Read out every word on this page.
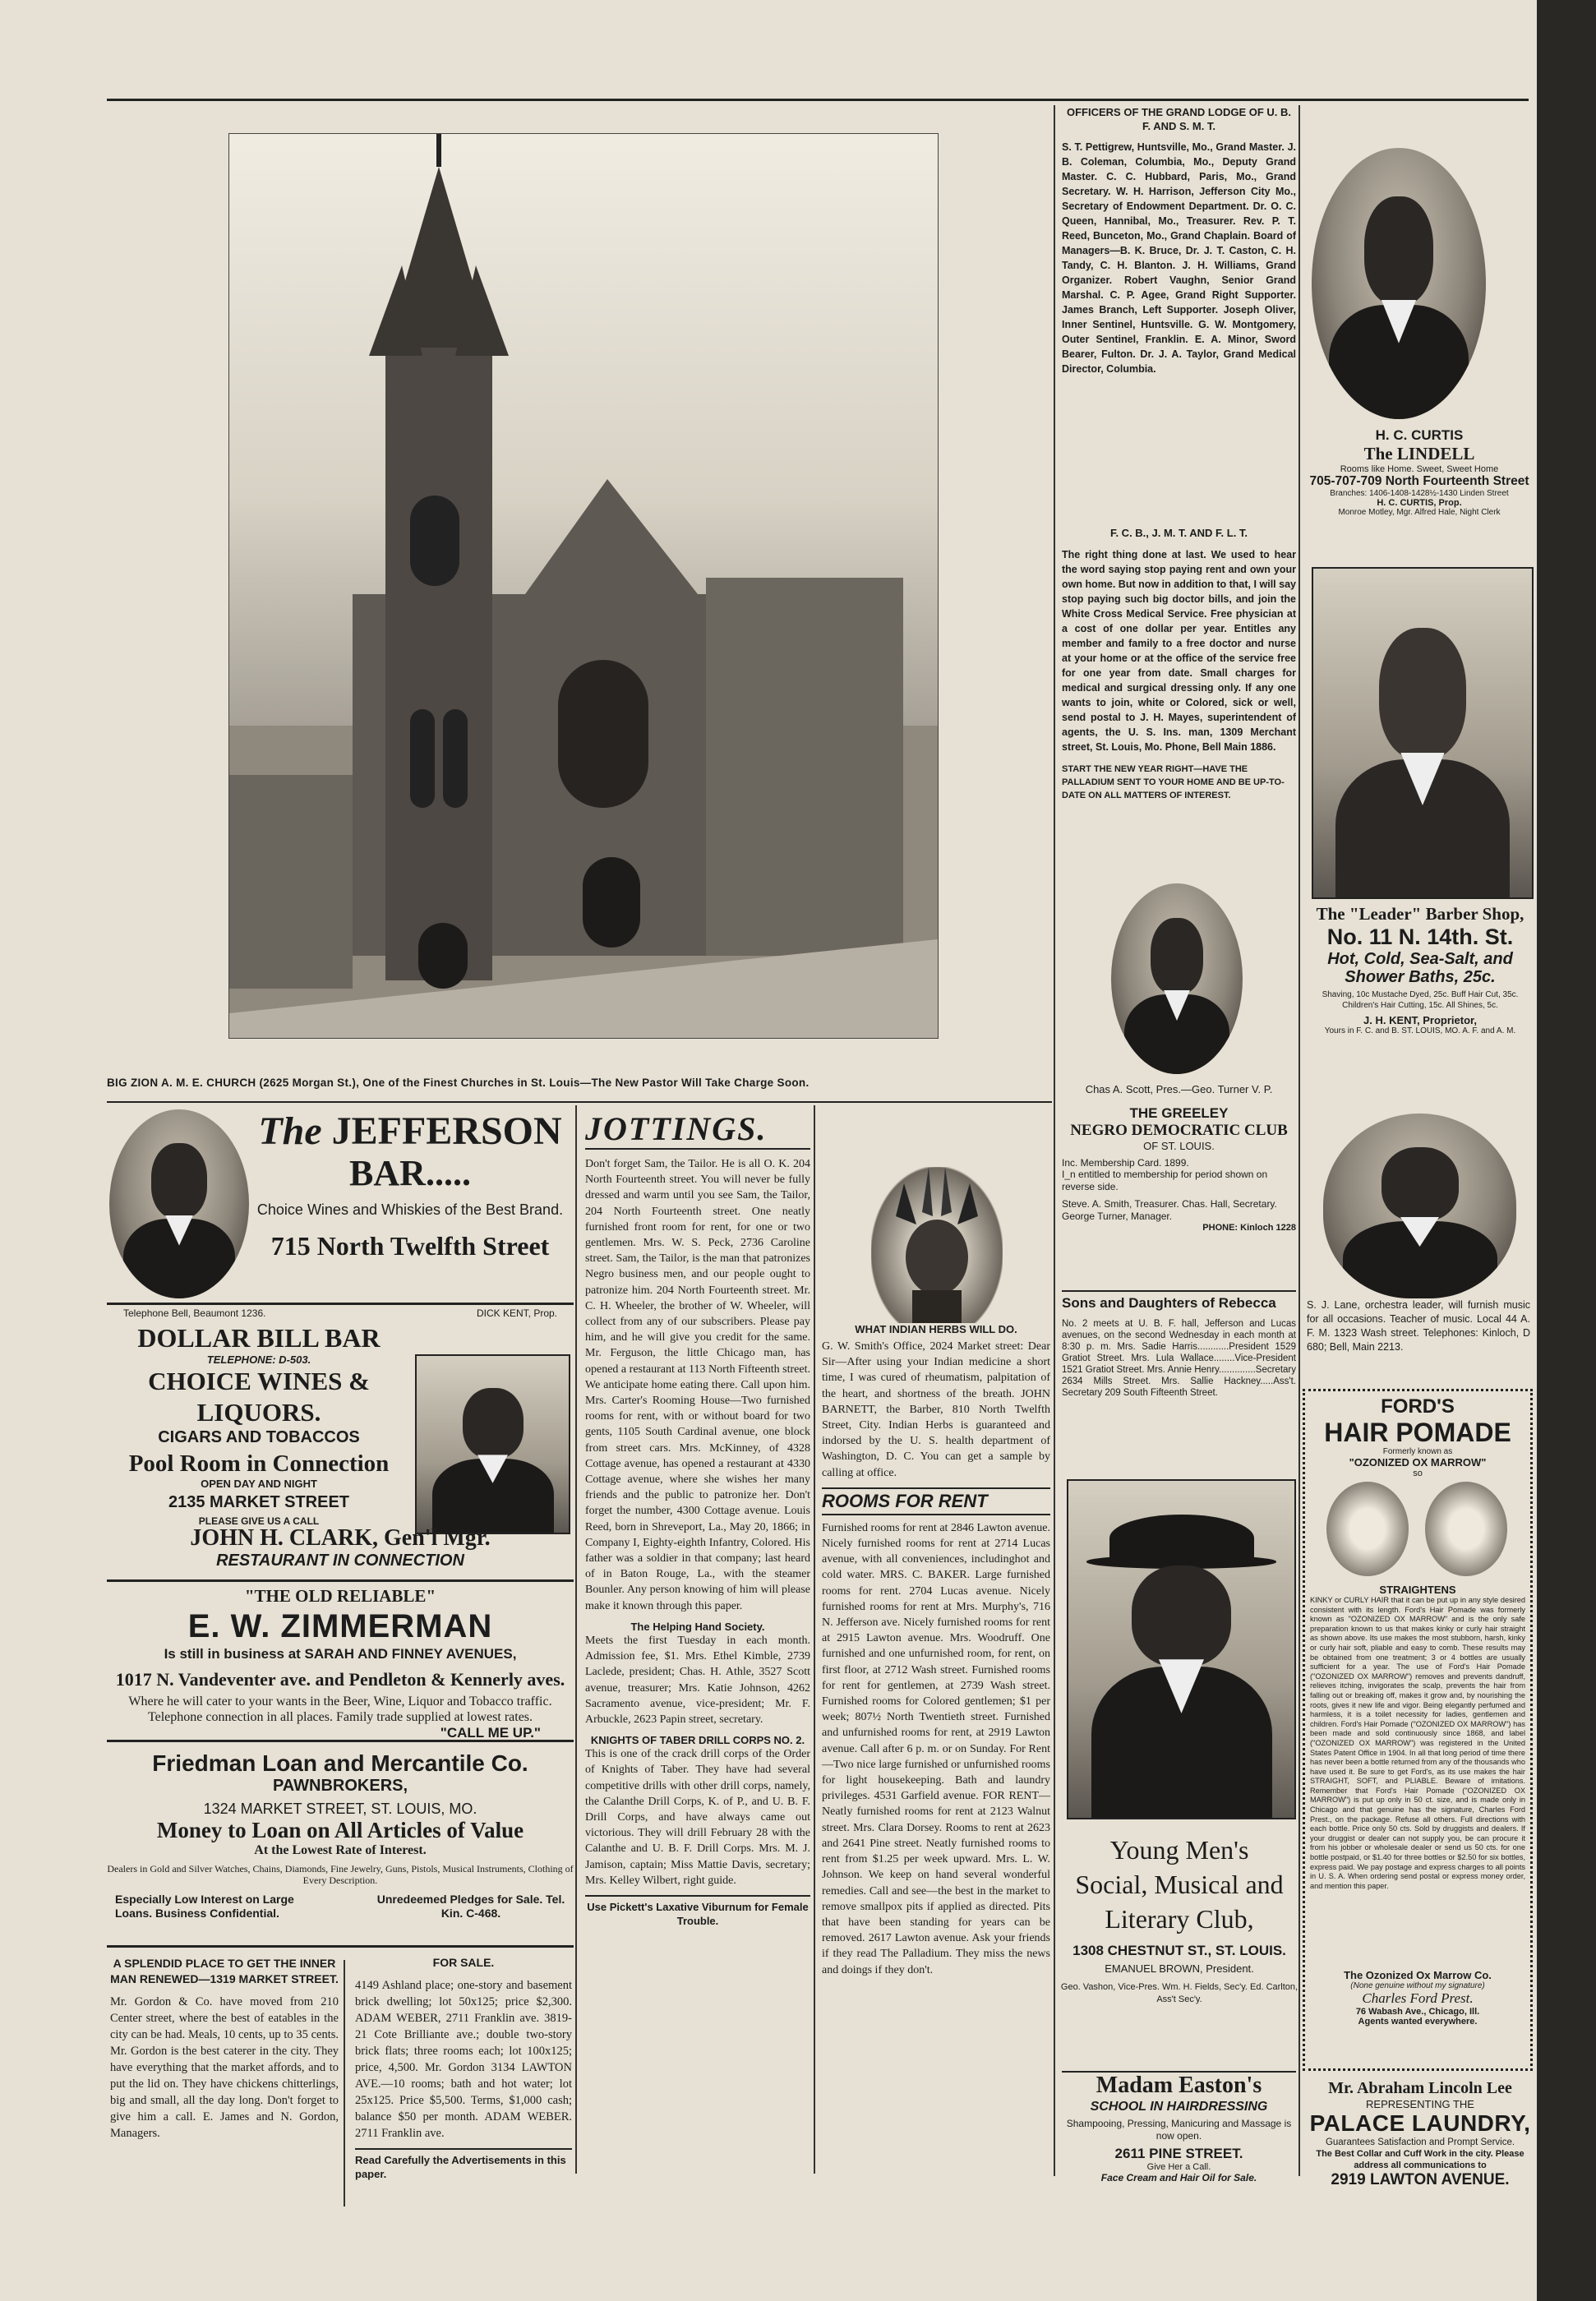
BIG ZION A. M. E. CHURCH (2625 Morgan St.), One of the Finest Churches in St. Louis—The New Pastor Will Take Charge Soon.
OFFICERS OF THE GRAND LODGE OF U. B. F. AND S. M. T.
S. T. Pettigrew, Huntsville, Mo., Grand Master. J. B. Coleman, Columbia, Mo., Deputy Grand Master. C. C. Hubbard, Paris, Mo., Grand Secretary. W. H. Harrison, Jefferson City Mo., Secretary of Endowment Department. Dr. O. C. Queen, Hannibal, Mo., Treasurer. Rev. P. T. Reed, Bunceton, Mo., Grand Chaplain. Board of Managers—B. K. Bruce, Dr. J. T. Caston, C. H. Tandy, C. H. Blanton. J. H. Williams, Grand Organizer. Robert Vaughn, Senior Grand Marshal. C. P. Agee, Grand Right Supporter. James Branch, Left Supporter. Joseph Oliver, Inner Sentinel, Huntsville. G. W. Montgomery, Outer Sentinel, Franklin. E. A. Minor, Sword Bearer, Fulton. Dr. J. A. Taylor, Grand Medical Director, Columbia.
F. C. B., J. M. T. AND F. L. T.
The right thing done at last. We used to hear the word saying stop paying rent and own your own home. But now in addition to that, I will say stop paying such big doctor bills, and join the White Cross Medical Service. Free physician at a cost of one dollar per year. Entitles any member and family to a free doctor and nurse at your home or at the office of the service free for one year from date. Small charges for medical and surgical dressing only. If any one wants to join, white or Colored, sick or well, send postal to J. H. Mayes, superintendent of agents, the U. S. Ins. man, 1309 Merchant street, St. Louis, Mo. Phone, Bell Main 1886.
START THE NEW YEAR RIGHT—HAVE THE PALLADIUM SENT TO YOUR HOME AND BE UP-TO-DATE ON ALL MATTERS OF INTEREST.
H. C. CURTIS
The LINDELL
Rooms like Home. Sweet, Sweet Home
705-707-709 North Fourteenth Street
Branches: 1406-1408-1428½-1430 Linden Street
H. C. CURTIS, Prop.
Monroe Motley, Mgr. Alfred Hale, Night Clerk
The "Leader" Barber Shop,
No. 11 N. 14th. St.
Hot, Cold, Sea-Salt, and Shower Baths, 25c.
Shaving, 10c Mustache Dyed, 25c. Buff Hair Cut, 35c. Children's Hair Cutting, 15c. All Shines, 5c.
J. H. KENT, Proprietor,
Yours in F. C. and B. ST. LOUIS, MO. A. F. and A. M.
Chas A. Scott, Pres.—Geo. Turner V. P.
THE GREELEY
NEGRO DEMOCRATIC CLUB
OF ST. LOUIS.
Inc. Membership Card. 1899.
I_n entitled to membership for period shown on reverse side.
Steve. A. Smith, Treasurer. Chas. Hall, Secretary. George Turner, Manager.
PHONE: Kinloch 1228
S. J. Lane, orchestra leader, will furnish music for all occasions. Teacher of music. Local 44 A. F. M. 1323 Wash street. Telephones: Kinloch, D 680; Bell, Main 2213.
Sons and Daughters of Rebecca
No. 2 meets at U. B. F. hall, Jefferson and Lucas avenues, on the second Wednesday in each month at 8:30 p. m. Mrs. Sadie Harris............President 1529 Gratiot Street. Mrs. Lula Wallace........Vice-President 1521 Gratiot Street. Mrs. Annie Henry..............Secretary 2634 Mills Street. Mrs. Sallie Hackney.....Ass't. Secretary 209 South Fifteenth Street.
Young Men's
Social, Musical and
Literary Club,
1308 CHESTNUT ST., ST. LOUIS.
EMANUEL BROWN, President.
Geo. Vashon, Vice-Pres. Wm. H. Fields, Sec'y. Ed. Carlton, Ass't Sec'y.
Madam Easton's
SCHOOL IN HAIRDRESSING
Shampooing, Pressing, Manicuring and Massage is now open.
2611 PINE STREET.
Give Her a Call.
Face Cream and Hair Oil for Sale.
FORD'S
HAIR POMADE
Formerly known as
"OZONIZED OX MARROW"
so
STRAIGHTENS
KINKY or CURLY HAIR that it can be put up in any style desired consistent with its length. Ford's Hair Pomade was formerly known as "OZONIZED OX MARROW" and is the only safe preparation known to us that makes kinky or curly hair straight as shown above. Its use makes the most stubborn, harsh, kinky or curly hair soft, pliable and easy to comb. These results may be obtained from one treatment; 3 or 4 bottles are usually sufficient for a year. The use of Ford's Hair Pomade ("OZONIZED OX MARROW") removes and prevents dandruff, relieves itching, invigorates the scalp, prevents the hair from falling out or breaking off, makes it grow and, by nourishing the roots, gives it new life and vigor. Being elegantly perfumed and harmless, it is a toilet necessity for ladies, gentlemen and children. Ford's Hair Pomade ("OZONIZED OX MARROW") has been made and sold continuously since 1868, and label ("OZONIZED OX MARROW") was registered in the United States Patent Office in 1904. In all that long period of time there has never been a bottle returned from any of the thousands who have used it. Be sure to get Ford's, as its use makes the hair STRAIGHT, SOFT, and PLIABLE. Beware of imitations. Remember that Ford's Hair Pomade ("OZONIZED OX MARROW") is put up only in 50 ct. size, and is made only in Chicago and that genuine has the signature, Charles Ford Prest., on the package. Refuse all others. Full directions with each bottle. Price only 50 cts. Sold by druggists and dealers. If your druggist or dealer can not supply you, be can procure it from his jobber or wholesale dealer or send us 50 cts. for one bottle postpaid, or $1.40 for three bottles or $2.50 for six bottles, express paid. We pay postage and express charges to all points in U. S. A. When ordering send postal or express money order, and mention this paper.
The Ozonized Ox Marrow Co.
(None genuine without my signature)
Charles Ford Prest.
76 Wabash Ave., Chicago, Ill.
Agents wanted everywhere.
Mr. Abraham Lincoln Lee
REPRESENTING THE
PALACE LAUNDRY,
Guarantees Satisfaction and Prompt Service.
The Best Collar and Cuff Work in the city. Please address all communications to
2919 LAWTON AVENUE.
The JEFFERSON
BAR.....
Choice Wines and Whiskies of the Best Brand.
715 North Twelfth Street
Telephone Bell, Beaumont 1236.	DICK KENT, Prop.
DOLLAR BILL BAR
TELEPHONE: D-503.
CHOICE WINES & LIQUORS.
CIGARS AND TOBACCOS
Pool Room in Connection
OPEN DAY AND NIGHT
2135 MARKET STREET
PLEASE GIVE US A CALL
JOHN H. CLARK, Gen'l Mgr.
RESTAURANT IN CONNECTION
"THE OLD RELIABLE"
E. W. ZIMMERMAN
Is still in business at SARAH AND FINNEY AVENUES,
1017 N. Vandeventer ave. and Pendleton & Kennerly aves.
Where he will cater to your wants in the Beer, Wine, Liquor and Tobacco traffic. Telephone connection in all places. Family trade supplied at lowest rates.
"CALL ME UP."
Friedman Loan and Mercantile Co.
PAWNBROKERS,
1324 MARKET STREET, ST. LOUIS, MO.
Money to Loan on All Articles of Value
At the Lowest Rate of Interest.
Dealers in Gold and Silver Watches, Chains, Diamonds, Fine Jewelry, Guns, Pistols, Musical Instruments, Clothing of Every Description.
Especially Low Interest on Large Loans. Business Confidential.
Unredeemed Pledges for Sale. Tel. Kin. C-468.
A SPLENDID PLACE TO GET THE INNER MAN RENEWED—1319 MARKET STREET.
Mr. Gordon & Co. have moved from 210 Center street, where the best of eatables in the city can be had. Meals, 10 cents, up to 35 cents. Mr. Gordon is the best caterer in the city. They have everything that the market affords, and to put the lid on. They have chickens chitterlings, big and small, all the day long. Don't forget to give him a call. E. James and N. Gordon, Managers.
FOR SALE.
4149 Ashland place; one-story and basement brick dwelling; lot 50x125; price $2,300. ADAM WEBER, 2711 Franklin ave. 3819-21 Cote Brilliante ave.; double two-story brick flats; three rooms each; lot 100x125; price, 4,500. Mr. Gordon 3134 LAWTON AVE.—10 rooms; bath and hot water; lot 25x125. Price $5,500. Terms, $1,000 cash; balance $50 per month. ADAM WEBER. 2711 Franklin ave.
Read Carefully the Advertisements in this paper.
JOTTINGS.
Don't forget Sam, the Tailor. He is all O. K. 204 North Fourteenth street. You will never be fully dressed and warm until you see Sam, the Tailor, 204 North Fourteenth street. One neatly furnished front room for rent, for one or two gentlemen. Mrs. W. S. Peck, 2736 Caroline street. Sam, the Tailor, is the man that patronizes Negro business men, and our people ought to patronize him. 204 North Fourteenth street. Mr. C. H. Wheeler, the brother of W. Wheeler, will collect from any of our subscribers. Please pay him, and he will give you credit for the same. Mr. Ferguson, the little Chicago man, has opened a restaurant at 113 North Fifteenth street. We anticipate home eating there. Call upon him. Mrs. Carter's Rooming House—Two furnished rooms for rent, with or without board for two gents, 1105 South Cardinal avenue, one block from street cars. Mrs. McKinney, of 4328 Cottage avenue, has opened a restaurant at 4330 Cottage avenue, where she wishes her many friends and the public to patronize her. Don't forget the number, 4300 Cottage avenue. Louis Reed, born in Shreveport, La., May 20, 1866; in Company I, Eighty-eighth Infantry, Colored. His father was a soldier in that company; last heard of in Baton Rouge, La., with the steamer Bounler. Any person knowing of him will please make it known through this paper.
The Helping Hand Society.
Meets the first Tuesday in each month. Admission fee, $1. Mrs. Ethel Kimble, 2739 Laclede, president; Chas. H. Athle, 3527 Scott avenue, treasurer; Mrs. Katie Johnson, 4262 Sacramento avenue, vice-president; Mr. F. Arbuckle, 2623 Papin street, secretary.
KNIGHTS OF TABER DRILL CORPS NO. 2.
This is one of the crack drill corps of the Order of Knights of Taber. They have had several competitive drills with other drill corps, namely, the Calanthe Drill Corps, K. of P., and U. B. F. Drill Corps, and have always came out victorious. They will drill February 28 with the Calanthe and U. B. F. Drill Corps. Mrs. M. J. Jamison, captain; Miss Mattie Davis, secretary; Mrs. Kelley Wilbert, right guide.
Use Pickett's Laxative Viburnum for Female Trouble.
WHAT INDIAN HERBS WILL DO.
G. W. Smith's Office, 2024 Market street: Dear Sir—After using your Indian medicine a short time, I was cured of rheumatism, palpitation of the heart, and shortness of the breath. JOHN BARNETT, the Barber, 810 North Twelfth Street, City. Indian Herbs is guaranteed and indorsed by the U. S. health department of Washington, D. C. You can get a sample by calling at office.
ROOMS FOR RENT
Furnished rooms for rent at 2846 Lawton avenue. Nicely furnished rooms for rent at 2714 Lucas avenue, with all conveniences, includinghot and cold water. MRS. C. BAKER. Large furnished rooms for rent. 2704 Lucas avenue. Nicely furnished rooms for rent at Mrs. Murphy's, 716 N. Jefferson ave. Nicely furnished rooms for rent at 2915 Lawton avenue. Mrs. Woodruff. One furnished and one unfurnished room, for rent, on first floor, at 2712 Wash street. Furnished rooms for rent for gentlemen, at 2739 Wash street. Furnished rooms for Colored gentlemen; $1 per week; 807½ North Twentieth street. Furnished and unfurnished rooms for rent, at 2919 Lawton avenue. Call after 6 p. m. or on Sunday. For Rent—Two nice large furnished or unfurnished rooms for light housekeeping. Bath and laundry privileges. 4531 Garfield avenue. FOR RENT—Neatly furnished rooms for rent at 2123 Walnut street. Mrs. Clara Dorsey. Rooms to rent at 2623 and 2641 Pine street. Neatly furnished rooms to rent from $1.25 per week upward. Mrs. L. W. Johnson. We keep on hand several wonderful remedies. Call and see—the best in the market to remove smallpox pits if applied as directed. Pits that have been standing for years can be removed. 2617 Lawton avenue. Ask your friends if they read The Palladium. They miss the news and doings if they don't.
